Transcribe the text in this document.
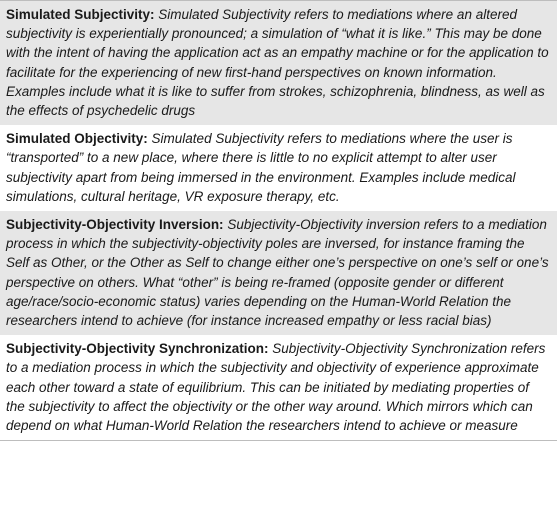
Simulated Subjectivity: Simulated Subjectivity refers to mediations where an altered subjectivity is experientially pronounced; a simulation of “what it is like.” This may be done with the intent of having the application act as an empathy machine or for the application to facilitate for the experiencing of new first-hand perspectives on known information. Examples include what it is like to suffer from strokes, schizophrenia, blindness, as well as the effects of psychedelic drugs
Simulated Objectivity: Simulated Subjectivity refers to mediations where the user is “transported” to a new place, where there is little to no explicit attempt to alter user subjectivity apart from being immersed in the environment. Examples include medical simulations, cultural heritage, VR exposure therapy, etc.
Subjectivity-Objectivity Inversion: Subjectivity-Objectivity inversion refers to a mediation process in which the subjectivity-objectivity poles are inversed, for instance framing the Self as Other, or the Other as Self to change either one’s perspective on one’s self or one’s perspective on others. What “other” is being re-framed (opposite gender or different age/race/socio-economic status) varies depending on the Human-World Relation the researchers intend to achieve (for instance increased empathy or less racial bias)
Subjectivity-Objectivity Synchronization: Subjectivity-Objectivity Synchronization refers to a mediation process in which the subjectivity and objectivity of experience approximate each other toward a state of equilibrium. This can be initiated by mediating properties of the subjectivity to affect the objectivity or the other way around. Which mirrors which can depend on what Human-World Relation the researchers intend to achieve or measure
